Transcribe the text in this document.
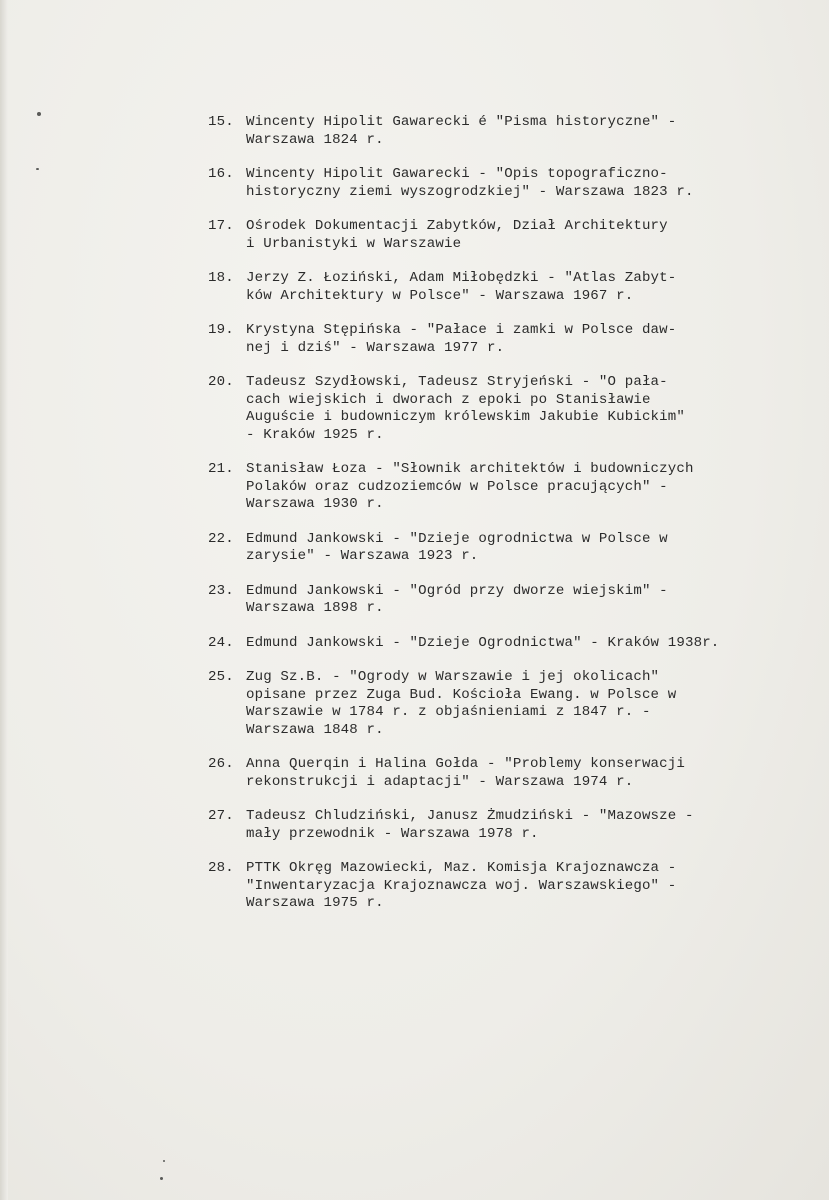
15. Wincenty Hipolit Gawarecki é "Pisma historyczne" -
Warszawa 1824 r.
16. Wincenty Hipolit Gawarecki - "Opis topograficzno-
historyczny ziemi wyszogrodzkiej" - Warszawa 1823 r.
17. Ośrodek Dokumentacji Zabytków, Dział Architektury
i Urbanistyki w Warszawie
18. Jerzy Z. Łoziński, Adam Miłobędzki - "Atlas Zabyt-
ków Architektury w Polsce" - Warszawa 1967 r.
19. Krystyna Stępińska - "Pałace i zamki w Polsce daw-
nej i dziś" - Warszawa 1977 r.
20. Tadeusz Szydłowski, Tadeusz Stryjeński - "O pała-
cach wiejskich i dworach z epoki po Stanisławie
Auguście i budowniczym królewskim Jakubie Kubickim"
- Kraków 1925 r.
21. Stanisław Łoza - "Słownik architektów i budowniczych
Polaków oraz cudzoziemców w Polsce pracujących" -
Warszawa 1930 r.
22. Edmund Jankowski - "Dzieje ogrodnictwa w Polsce w
zarysie" - Warszawa 1923 r.
23. Edmund Jankowski - "Ogród przy dworze wiejskim" -
Warszawa 1898 r.
24. Edmund Jankowski - "Dzieje Ogrodnictwa" - Kraków 1938r.
25. Zug Sz.B. - "Ogrody w Warszawie i jej okolicach"
opisane przez Zuga Bud. Kościoła Ewang. w Polsce w
Warszawie w 1784 r. z objaśnieniami z 1847 r. -
Warszawa 1848 r.
26. Anna Querqin i Halina Gołda - "Problemy konserwacji
rekonstrukcji i adaptacji" - Warszawa 1974 r.
27. Tadeusz Chludziński, Janusz Żmudziński - "Mazowsze -
mały przewodnik - Warszawa 1978 r.
28. PTTK Okręg Mazowiecki, Maz. Komisja Krajoznawcza -
"Inwentaryzacja Krajoznawcza woj. Warszawskiego" -
Warszawa 1975 r.
